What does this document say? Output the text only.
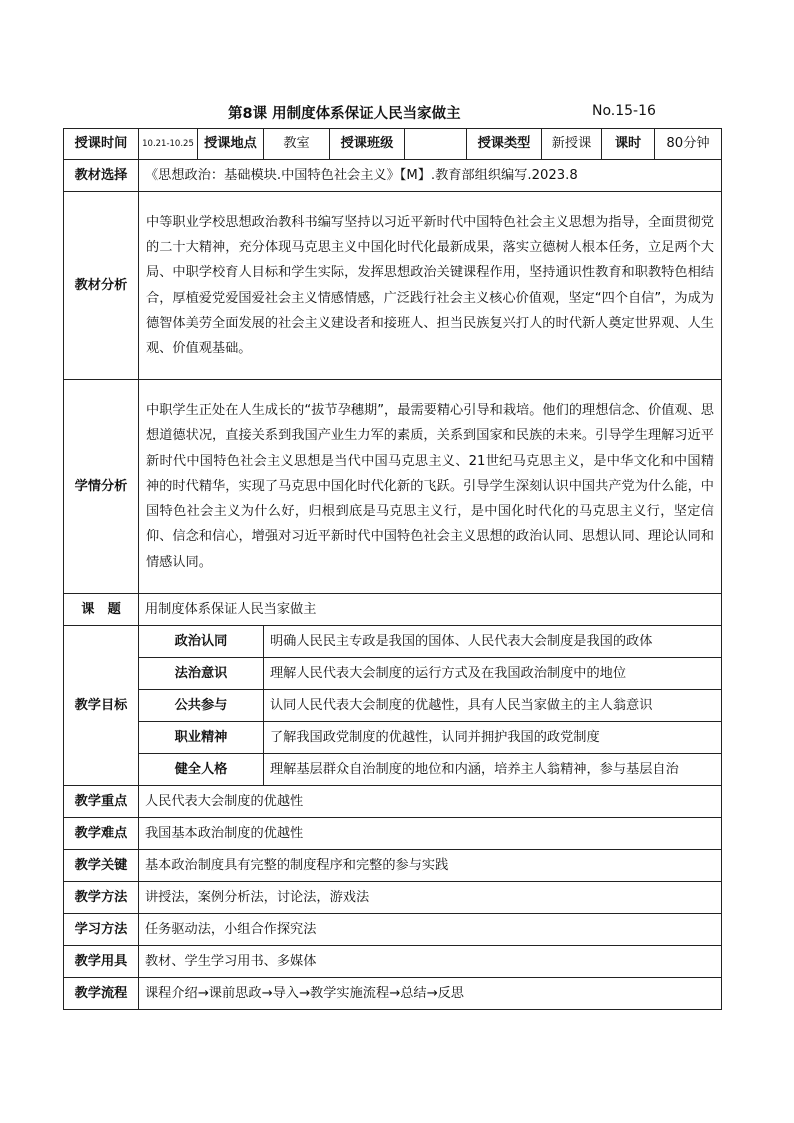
第8课 用制度体系保证人民当家做主	No.15-16
授课时间	10.21-10.25	授课地点	教室	授课班级		授课类型	新授课	课时	80分钟
教材选择	《思想政治：基础模块.中国特色社会主义》【M】.教育部组织编写.2023.8								
教材分析	中等职业学校思想政治教科书编写坚持以习近平新时代中国特色社会主义思想为指导，全面贯彻党的二十大精神，充分体现马克思主义中国化时代化最新成果，落实立德树人根本任务，立足两个大局、中职学校育人目标和学生实际，发挥思想政治关键课程作用，坚持通识性教育和职教特色相结合，厚植爱党爱国爱社会主义情感情感，广泛践行社会主义核心价值观，坚定“四个自信”，为成为德智体美劳全面发展的社会主义建设者和接班人、担当民族复兴打人的时代新人奠定世界观、人生观、价值观基础。								
学情分析	中职学生正处在人生成长的“拔节孕穗期”，最需要精心引导和栽培。他们的理想信念、价值观、思想道德状况，直接关系到我国产业生力军的素质，关系到国家和民族的未来。引导学生理解习近平新时代中国特色社会主义思想是当代中国马克思主义、21世纪马克思主义，是中华文化和中国精神的时代精华，实现了马克思中国化时代化新的飞跃。引导学生深刻认识中国共产党为什么能，中国特色社会主义为什么好，归根到底是马克思主义行，是中国化时代化的马克思主义行，坚定信仰、信念和信心，增强对习近平新时代中国特色社会主义思想的政治认同、思想认同、理论认同和情感认同。								
课　题	用制度体系保证人民当家做主								
教学目标	政治认同		明确人民民主专政是我国的国体、人民代表大会制度是我国的政体						
	法治意识		理解人民代表大会制度的运行方式及在我国政治制度中的地位						
	公共参与		认同人民代表大会制度的优越性，具有人民当家做主的主人翁意识						
	职业精神		了解我国政党制度的优越性，认同并拥护我国的政党制度						
	健全人格		理解基层群众自治制度的地位和内涵，培养主人翁精神，参与基层自治						
教学重点	人民代表大会制度的优越性								
教学难点	我国基本政治制度的优越性								
教学关键	基本政治制度具有完整的制度程序和完整的参与实践								
教学方法	讲授法，案例分析法，讨论法，游戏法								
学习方法	任务驱动法，小组合作探究法								
教学用具	教材、学生学习用书、多媒体								
教学流程	课程介绍→课前思政→导入→教学实施流程→总结→反思								
